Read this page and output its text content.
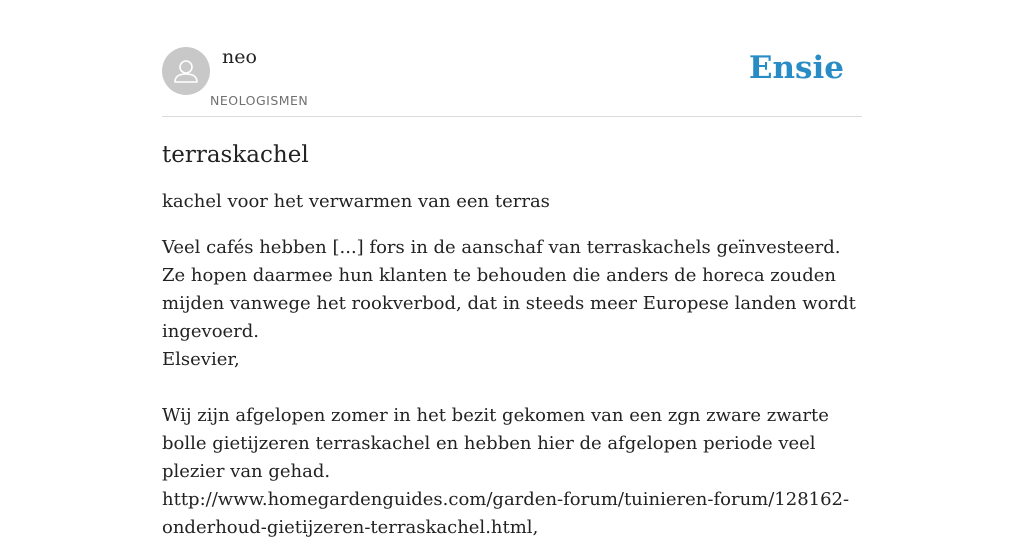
neo
NEOLOGISMEN
Ensie
terraskachel

kachel voor het verwarmen van een terras

Veel cafés hebben [...] fors in de aanschaf van terraskachels geïnvesteerd. Ze hopen daarmee hun klanten te behouden die anders de horeca zouden mijden vanwege het rookverbod, dat in steeds meer Europese landen wordt ingevoerd.
Elsevier,

Wij zijn afgelopen zomer in het bezit gekomen van een zgn zware zwarte bolle gietijzeren terraskachel en hebben hier de afgelopen periode veel plezier van gehad.
http://www.homegardenguides.com/garden-forum/tuinieren-forum/128162-onderhoud-gietijzeren-terraskachel.html,
